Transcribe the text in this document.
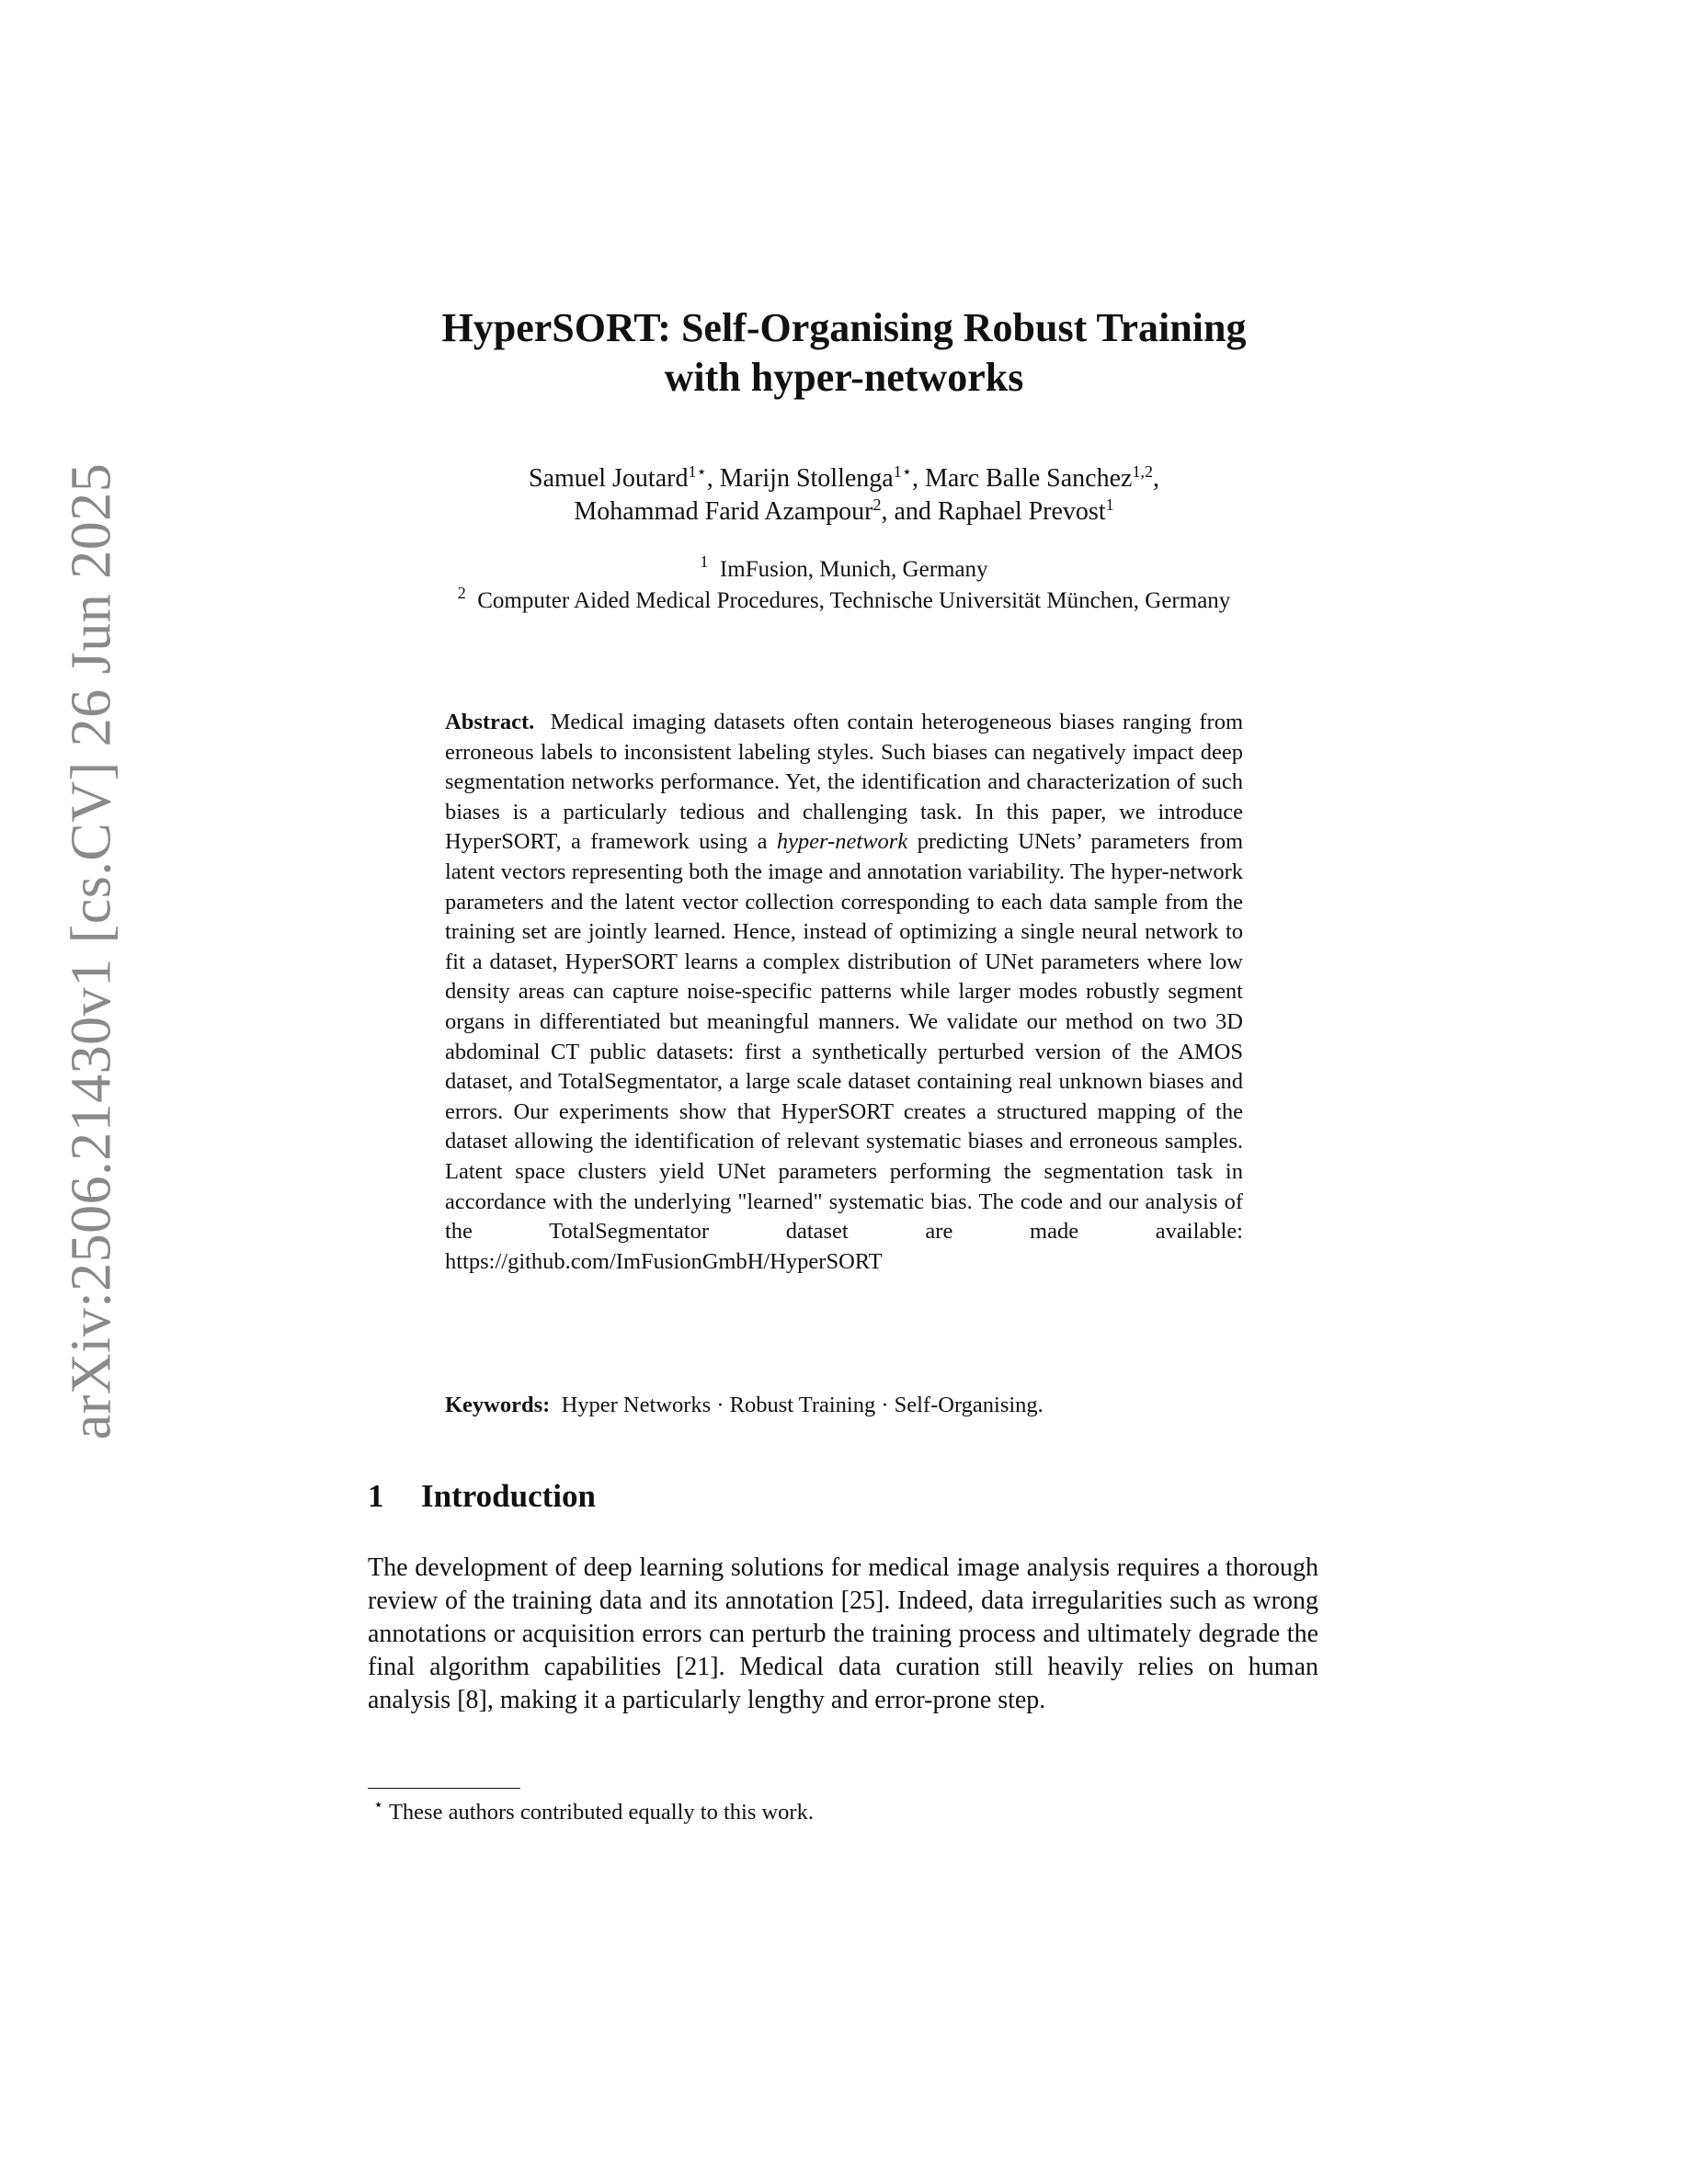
arXiv:2506.21430v1 [cs.CV] 26 Jun 2025
HyperSORT: Self-Organising Robust Training
with hyper-networks
Samuel Joutard$^{1⋆}$, Marijn Stollenga$^{1⋆}$, Marc Balle Sanchez$^{1,2}$,
Mohammad Farid Azampour$^2$, and Raphael Prevost$^1$
$^1$ ImFusion, Munich, Germany
$^2$ Computer Aided Medical Procedures, Technische Universität München, Germany
Abstract. Medical imaging datasets often contain heterogeneous biases ranging from erroneous labels to inconsistent labeling styles. Such biases can negatively impact deep segmentation networks performance. Yet, the identification and characterization of such biases is a particularly tedious and challenging task. In this paper, we introduce HyperSORT, a framework using a hyper-network predicting UNets’ parameters from latent vectors representing both the image and annotation variability. The hyper-network parameters and the latent vector collection corresponding to each data sample from the training set are jointly learned. Hence, instead of optimizing a single neural network to fit a dataset, HyperSORT learns a complex distribution of UNet parameters where low density areas can capture noise-specific patterns while larger modes robustly segment organs in differentiated but meaningful manners. We validate our method on two 3D abdominal CT public datasets: first a synthetically perturbed version of the AMOS dataset, and TotalSegmentator, a large scale dataset containing real unknown biases and errors. Our experiments show that HyperSORT creates a structured mapping of the dataset allowing the identification of relevant systematic biases and erroneous samples. Latent space clusters yield UNet parameters performing the segmentation task in accordance with the underlying "learned" systematic bias. The code and our analysis of the TotalSegmentator dataset are made available: https://github.com/ImFusionGmbH/HyperSORT
Keywords: Hyper Networks · Robust Training · Self-Organising.
1 Introduction
The development of deep learning solutions for medical image analysis requires a thorough review of the training data and its annotation [25]. Indeed, data irregularities such as wrong annotations or acquisition errors can perturb the training process and ultimately degrade the final algorithm capabilities [21]. Medical data curation still heavily relies on human analysis [8], making it a particularly lengthy and error-prone step.
⋆ These authors contributed equally to this work.
